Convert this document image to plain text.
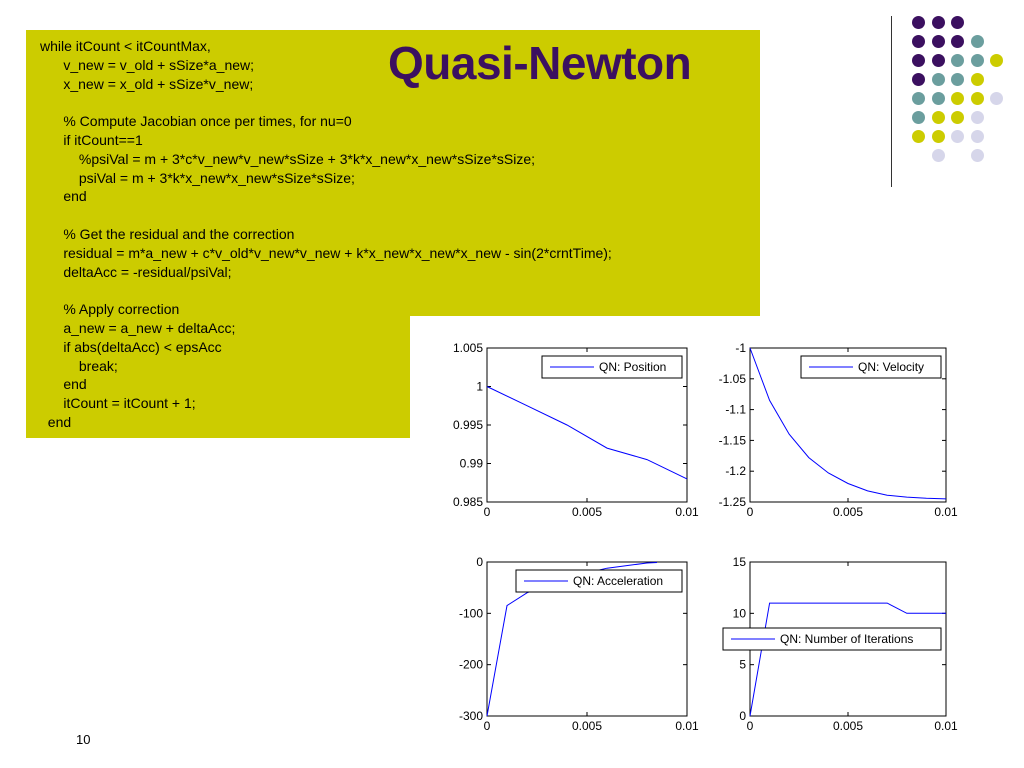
while itCount < itCountMax,
v_new = v_old + sSize*a_new;
x_new = x_old + sSize*v_new;

% Compute Jacobian once per times, for nu=0
if itCount==1
%psiVal = m + 3*c*v_new*v_new*sSize + 3*k*x_new*x_new*sSize*sSize;
psiVal = m + 3*k*x_new*x_new*sSize*sSize;
end

% Get the residual and the correction
residual = m*a_new + c*v_old*v_new*v_new + k*x_new*x_new*x_new - sin(2*crntTime);
deltaAcc = -residual/psiVal;

% Apply correction
a_new = a_new + deltaAcc;
if abs(deltaAcc) < epsAcc
break;
end
itCount = itCount + 1;
end
Quasi-Newton
0	0.005	0.01
1.005
1
0.995
0.99
0.985
QN: Position
0	0.005	0.01
-1
-1.05
-1.1
-1.15
-1.2
-1.25
QN: Velocity
0	0.005	0.01
0
-100
-200
-300
QN: Acceleration
0	0.005	0.01
15
10
5
0
QN: Number of Iterations
10
